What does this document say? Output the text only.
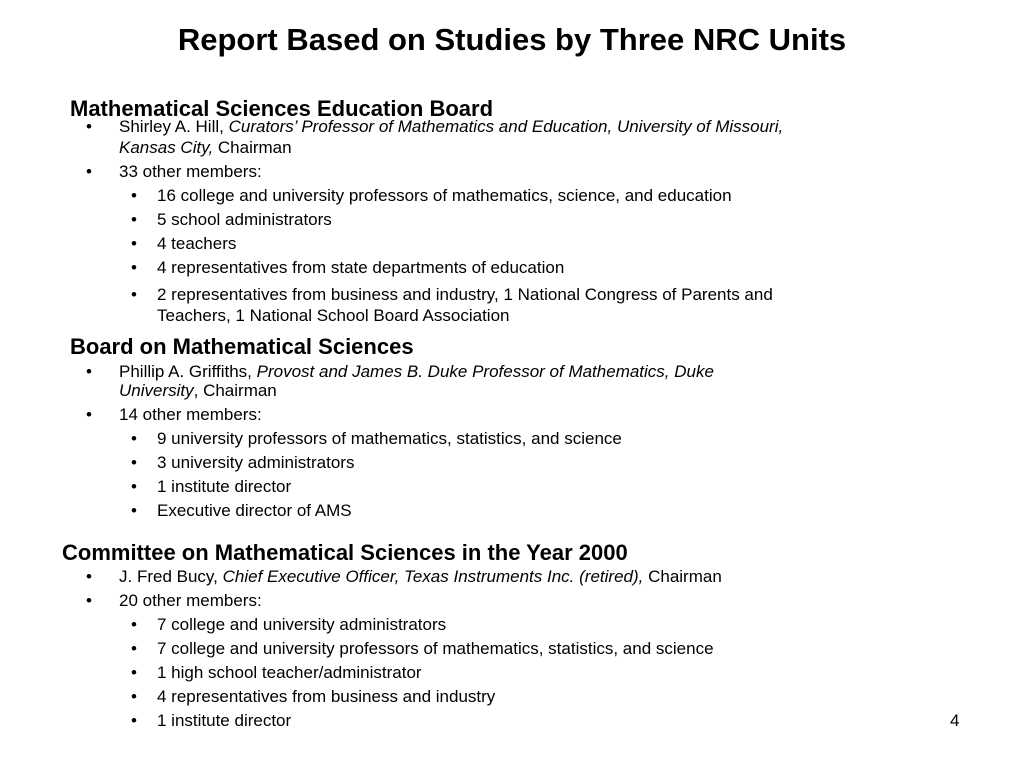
Report Based on Studies by Three NRC Units
Mathematical Sciences Education Board
• Shirley A. Hill, Curators’ Professor of Mathematics and Education, University of Missouri,
Kansas City, Chairman
• 33 other members:
• 16 college and university professors of mathematics, science, and education
• 5 school administrators
• 4 teachers
• 4 representatives from state departments of education
• 2 representatives from business and industry, 1 National Congress of Parents and
Teachers, 1 National School Board Association
Board on Mathematical Sciences
• Phillip A. Griffiths, Provost and James B. Duke Professor of Mathematics, Duke
University, Chairman
• 14 other members:
• 9 university professors of mathematics, statistics, and science
• 3 university administrators
• 1 institute director
• Executive director of AMS
Committee on Mathematical Sciences in the Year 2000
• J. Fred Bucy, Chief Executive Officer, Texas Instruments Inc. (retired), Chairman
• 20 other members:
• 7 college and university administrators
• 7 college and university professors of mathematics, statistics, and science
• 1 high school teacher/administrator
• 4 representatives from business and industry
• 1 institute director	4
